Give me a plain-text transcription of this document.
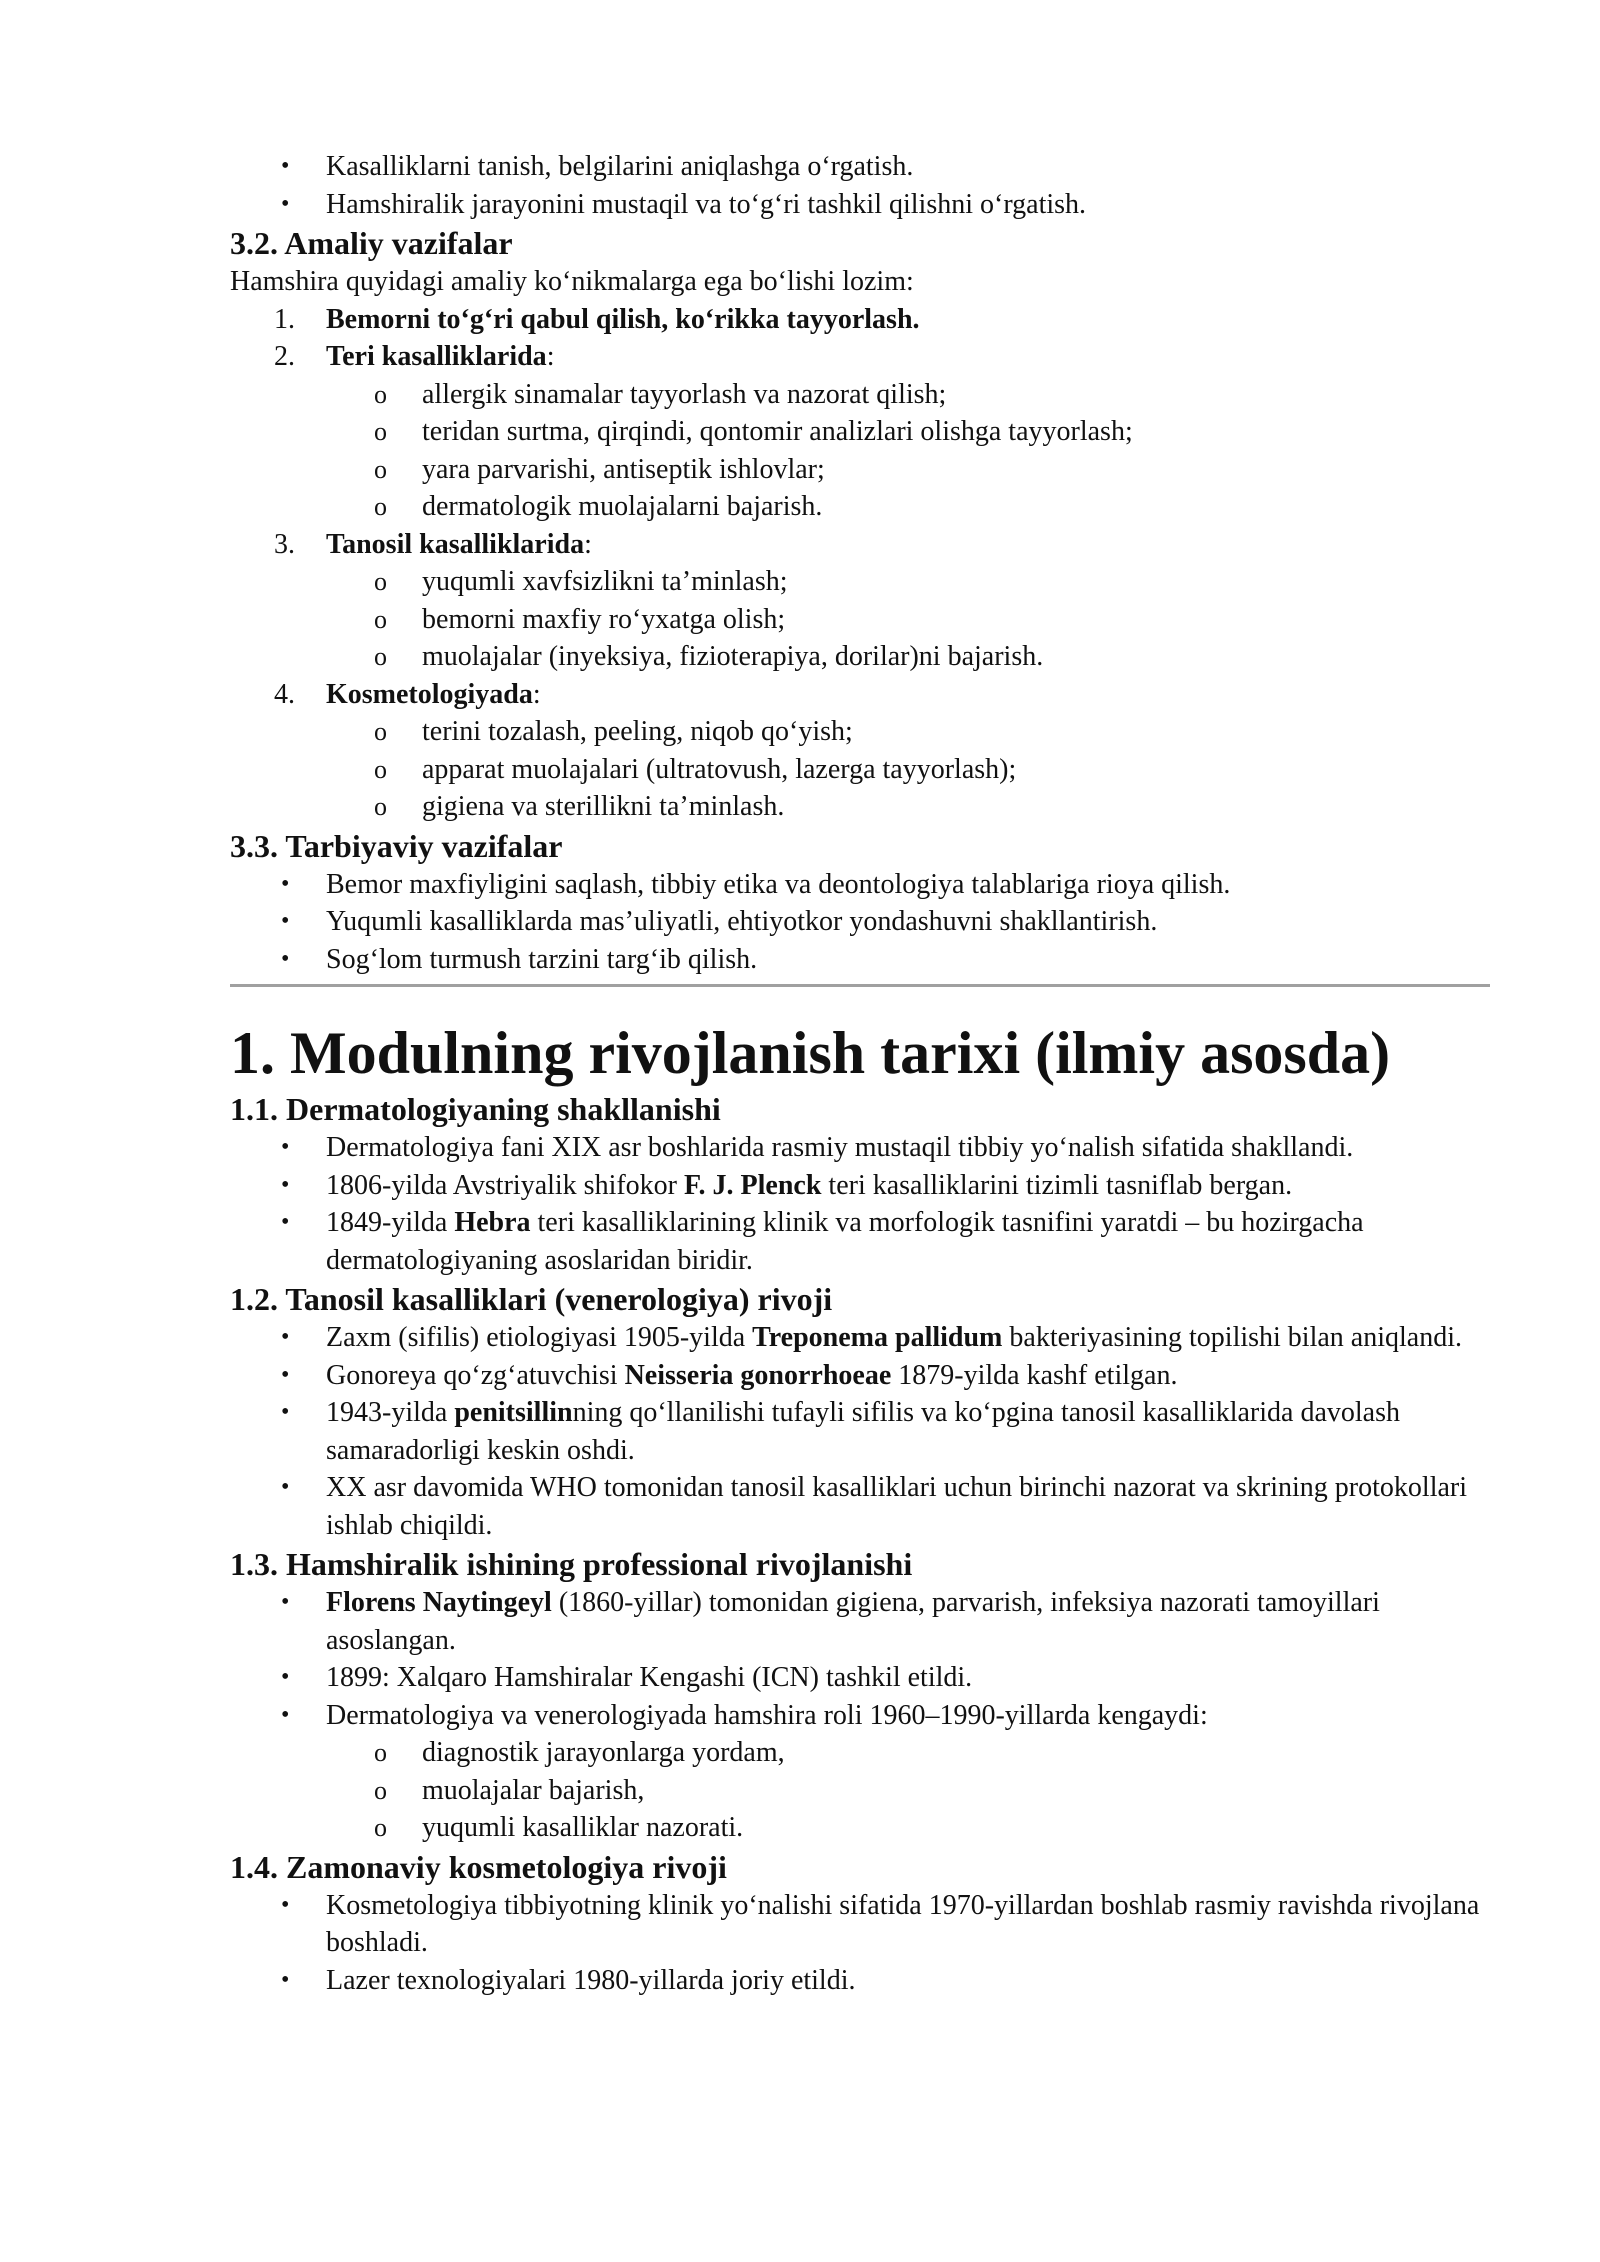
• Kasalliklarni tanish, belgilarini aniqlashga o‘rgatish.
• Hamshiralik jarayonini mustaqil va to‘g‘ri tashkil qilishni o‘rgatish.
3.2. Amaliy vazifalar

Hamshira quyidagi amaliy ko‘nikmalarga ega bo‘lishi lozim:

1.	Bemorni to‘g‘ri qabul qilish, ko‘rikka tayyorlash.
2.	Teri kasalliklarida:
o allergik sinamalar tayyorlash va nazorat qilish;
o teridan surtma, qirqindi, qontomir analizlari olishga tayyorlash;
o yara parvarishi, antiseptik ishlovlar;
o dermatologik muolajalarni bajarish.
3.	Tanosil kasalliklarida:
o yuqumli xavfsizlikni ta’minlash;
o bemorni maxfiy ro‘yxatga olish;
o muolajalar (inyeksiya, fizioterapiya, dorilar)ni bajarish.
4.	Kosmetologiyada:
o terini tozalash, peeling, niqob qo‘yish;
o apparat muolajalari (ultratovush, lazerga tayyorlash);
o gigiena va sterillikni ta’minlash.
3.3. Tarbiyaviy vazifalar
• Bemor maxfiyligini saqlash, tibbiy etika va deontologiya talablariga rioya qilish.
• Yuqumli kasalliklarda mas’uliyatli, ehtiyotkor yondashuvni shakllantirish.
• Sog‘lom turmush tarzini targ‘ib qilish.
1. Modulning rivojlanish tarixi (ilmiy asosda)
1.1. Dermatologiyaning shakllanishi
• Dermatologiya fani XIX asr boshlarida rasmiy mustaqil tibbiy yo‘nalish sifatida shakllandi.
• 1806-yilda Avstriyalik shifokor F. J. Plenck teri kasalliklarini tizimli tasniflab bergan.
• 1849-yilda Hebra teri kasalliklarining klinik va morfologik tasnifini yaratdi – bu hozirgacha dermatologiyaning asoslaridan biridir.
1.2. Tanosil kasalliklari (venerologiya) rivoji
• Zaxm (sifilis) etiologiyasi 1905-yilda Treponema pallidum bakteriyasining topilishi bilan aniqlandi.
• Gonoreya qo‘zg‘atuvchisi Neisseria gonorrhoeae 1879-yilda kashf etilgan.
• 1943-yilda penitsillinning qo‘llanilishi tufayli sifilis va ko‘pgina tanosil kasalliklarida davolash samaradorligi keskin oshdi.
• XX asr davomida WHO tomonidan tanosil kasalliklari uchun birinchi nazorat va skrining protokollari ishlab chiqildi.
1.3. Hamshiralik ishining professional rivojlanishi
• Florens Naytingeyl (1860-yillar) tomonidan gigiena, parvarish, infeksiya nazorati tamoyillari asoslangan.
• 1899: Xalqaro Hamshiralar Kengashi (ICN) tashkil etildi.
• Dermatologiya va venerologiyada hamshira roli 1960–1990-yillarda kengaydi:
o diagnostik jarayonlarga yordam,
o muolajalar bajarish,
o yuqumli kasalliklar nazorati.
1.4. Zamonaviy kosmetologiya rivoji
• Kosmetologiya tibbiyotning klinik yo‘nalishi sifatida 1970-yillardan boshlab rasmiy ravishda rivojlana boshladi.
• Lazer texnologiyalari 1980-yillarda joriy etildi.
